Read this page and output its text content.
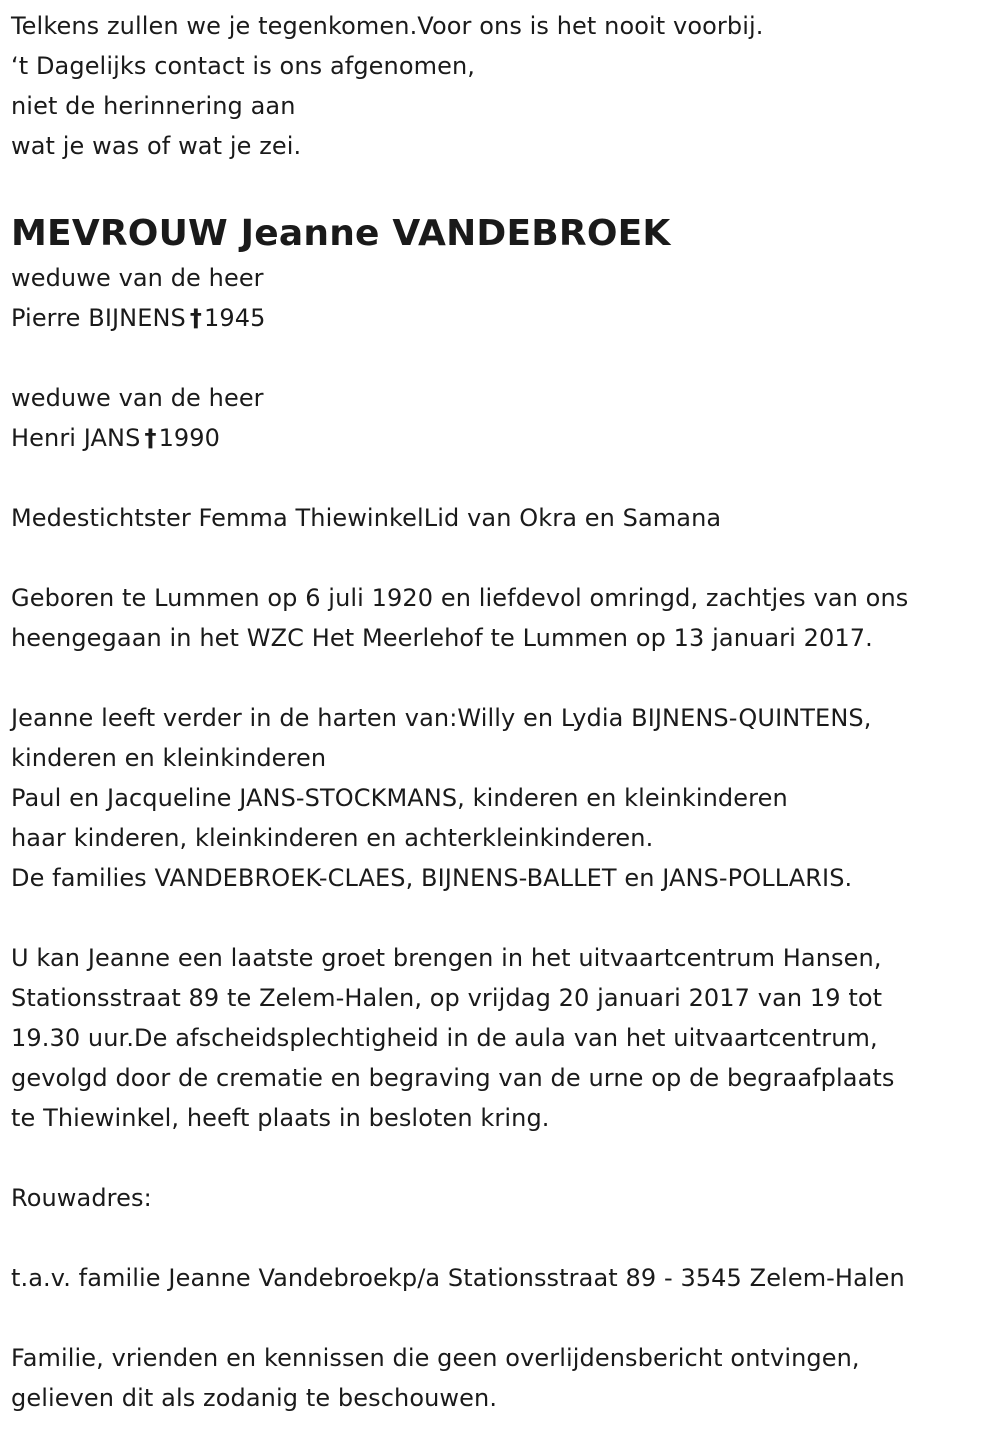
Telkens zullen we je tegenkomen.Voor ons is het nooit voorbij.
‘t Dagelijks contact is ons afgenomen,
niet de herinnering aan
wat je was of wat je zei.
MEVROUW Jeanne VANDEBROEK
weduwe van de heer
Pierre BIJNENS †1945
weduwe van de heer
Henri JANS †1990
Medestichtster Femma ThiewinkelLid van Okra en Samana
Geboren te Lummen op 6 juli 1920 en liefdevol omringd, zachtjes van ons
heengegaan in het WZC Het Meerlehof te Lummen op 13 januari 2017.
Jeanne leeft verder in de harten van:Willy en Lydia BIJNENS-QUINTENS,
kinderen en kleinkinderen
Paul en Jacqueline JANS-STOCKMANS, kinderen en kleinkinderen
haar kinderen, kleinkinderen en achterkleinkinderen.
De families VANDEBROEK-CLAES, BIJNENS-BALLET en JANS-POLLARIS.
U kan Jeanne een laatste groet brengen in het uitvaartcentrum Hansen,
Stationsstraat 89 te Zelem-Halen, op vrijdag 20 januari 2017 van 19 tot
19.30 uur.De afscheidsplechtigheid in de aula van het uitvaartcentrum,
gevolgd door de crematie en begraving van de urne op de begraafplaats
te Thiewinkel, heeft plaats in besloten kring.
Rouwadres:
t.a.v. familie Jeanne Vandebroekp/a Stationsstraat 89 - 3545 Zelem-Halen
Familie, vrienden en kennissen die geen overlijdensbericht ontvingen,
gelieven dit als zodanig te beschouwen.
